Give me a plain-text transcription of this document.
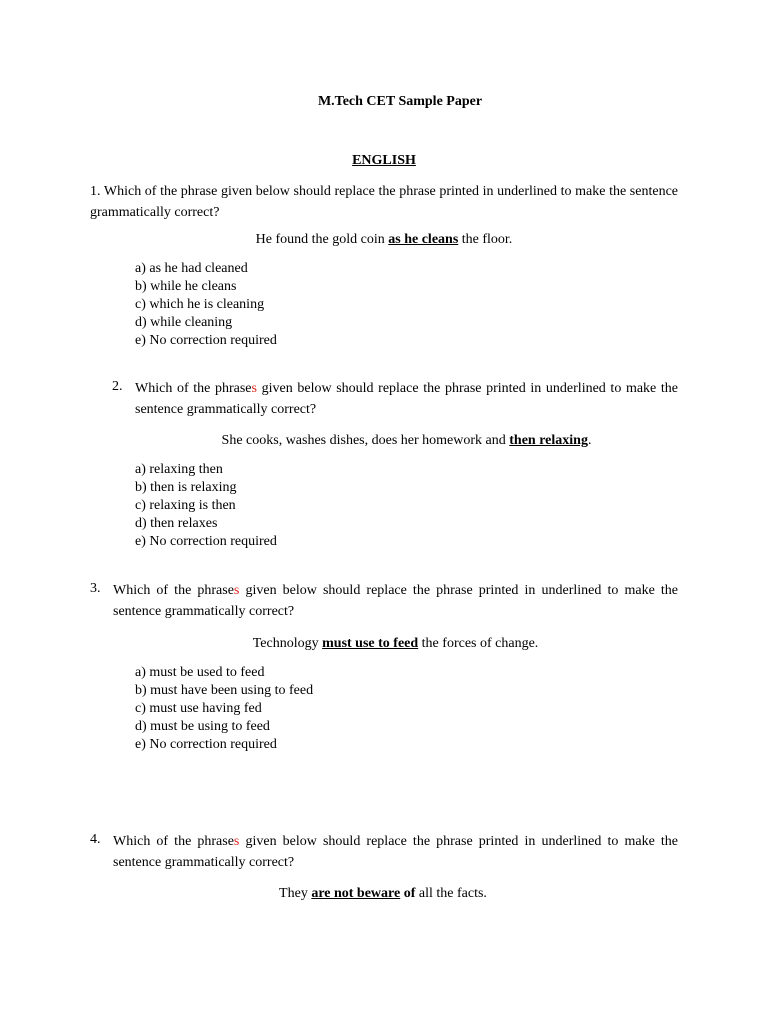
M.Tech CET Sample Paper
ENGLISH
1. Which of the phrase given below should replace the phrase printed in underlined to make the sentence grammatically correct?
He found the gold coin as he cleans the floor.
a) as he had cleaned
b) while he cleans
c) which he is cleaning
d) while cleaning
e) No correction required
2. Which of the phrases given below should replace the phrase printed in underlined to make the sentence grammatically correct?
She cooks, washes dishes, does her homework and then relaxing.
a) relaxing then
b) then is relaxing
c) relaxing is then
d) then relaxes
e) No correction required
3. Which of the phrases given below should replace the phrase printed in underlined to make the sentence grammatically correct?
Technology must use to feed the forces of change.
a) must be used to feed
b) must have been using to feed
c) must use having fed
d) must be using to feed
e) No correction required
4. Which of the phrases given below should replace the phrase printed in underlined to make the sentence grammatically correct?
They are not beware of all the facts.
